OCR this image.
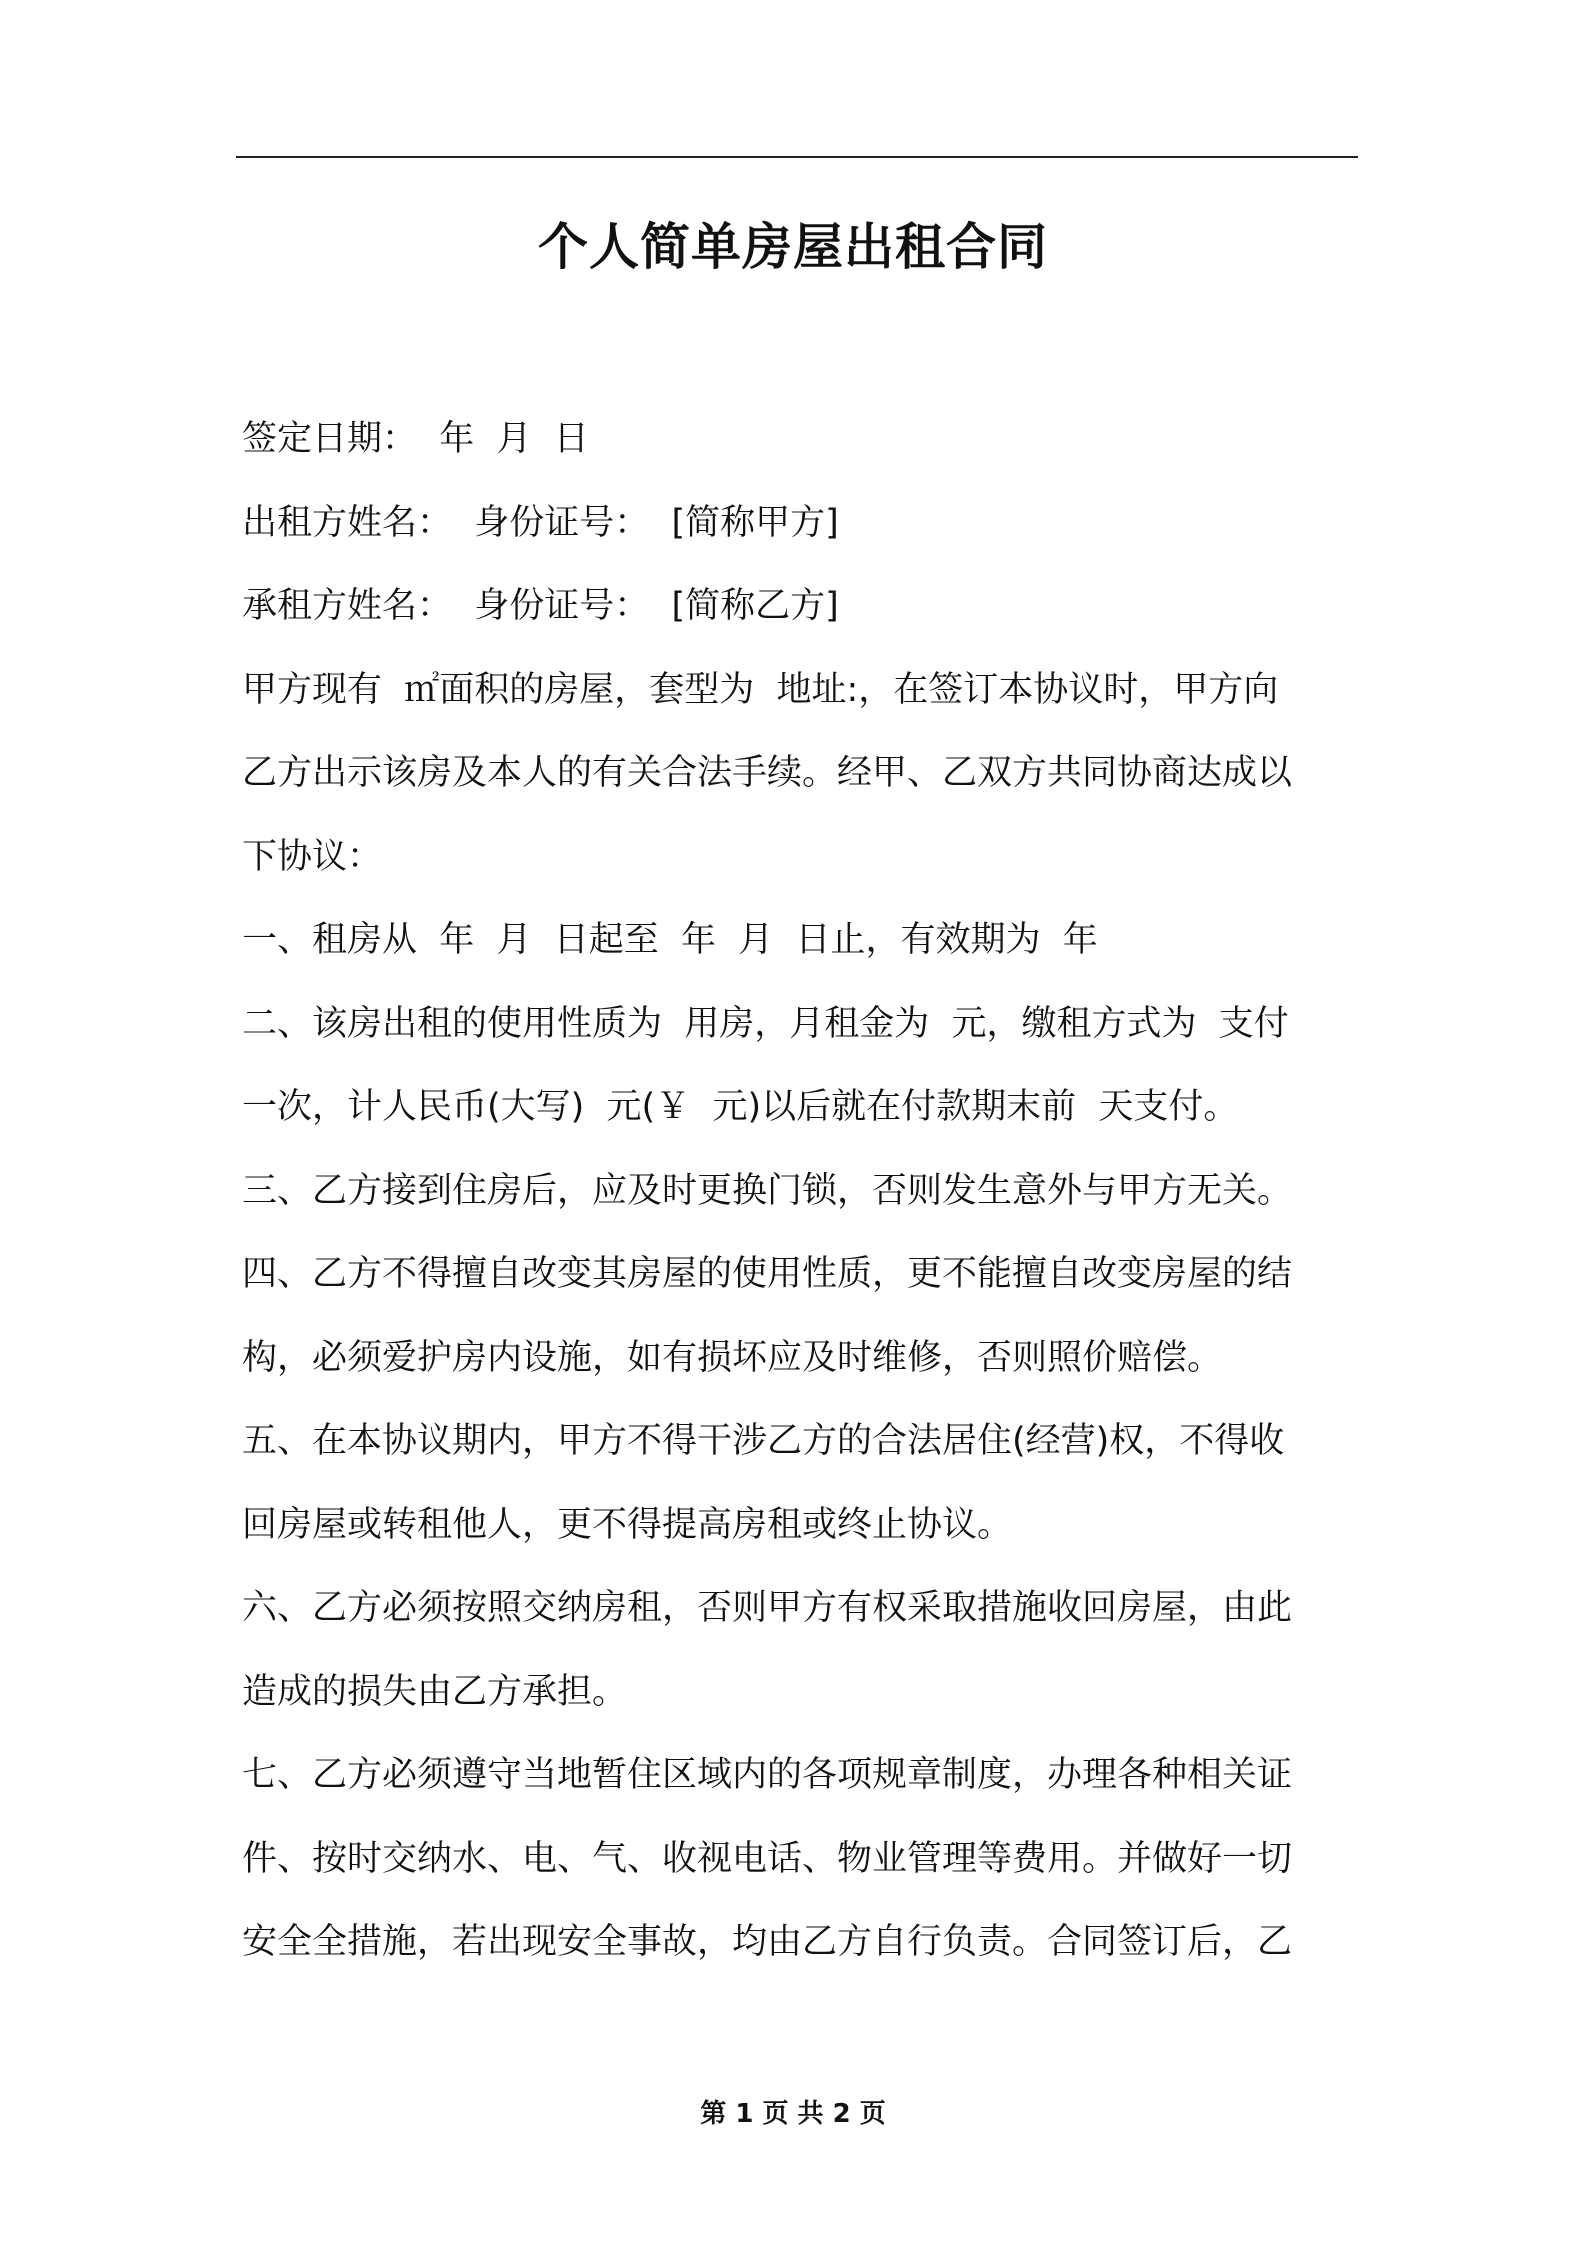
个人简单房屋出租合同

签定日期：  年  月  日

出租方姓名：  身份证号：  [简称甲方]

承租方姓名：  身份证号：  [简称乙方]

甲方现有  ㎡面积的房屋，套型为  地址:，在签订本协议时，甲方向

乙方出示该房及本人的有关合法手续。经甲、乙双方共同协商达成以

下协议：

一、租房从  年  月  日起至  年  月  日止，有效期为  年

二、该房出租的使用性质为  用房，月租金为  元，缴租方式为  支付

一次，计人民币(大写)  元(￥  元)以后就在付款期末前  天支付。

三、乙方接到住房后，应及时更换门锁，否则发生意外与甲方无关。

四、乙方不得擅自改变其房屋的使用性质，更不能擅自改变房屋的结

构，必须爱护房内设施，如有损坏应及时维修，否则照价赔偿。

五、在本协议期内，甲方不得干涉乙方的合法居住(经营)权，不得收

回房屋或转租他人，更不得提高房租或终止协议。

六、乙方必须按照交纳房租，否则甲方有权采取措施收回房屋，由此

造成的损失由乙方承担。

七、乙方必须遵守当地暂住区域内的各项规章制度，办理各种相关证

件、按时交纳水、电、气、收视电话、物业管理等费用。并做好一切

安全全措施，若出现安全事故，均由乙方自行负责。合同签订后，乙

第 1 页 共 2 页
